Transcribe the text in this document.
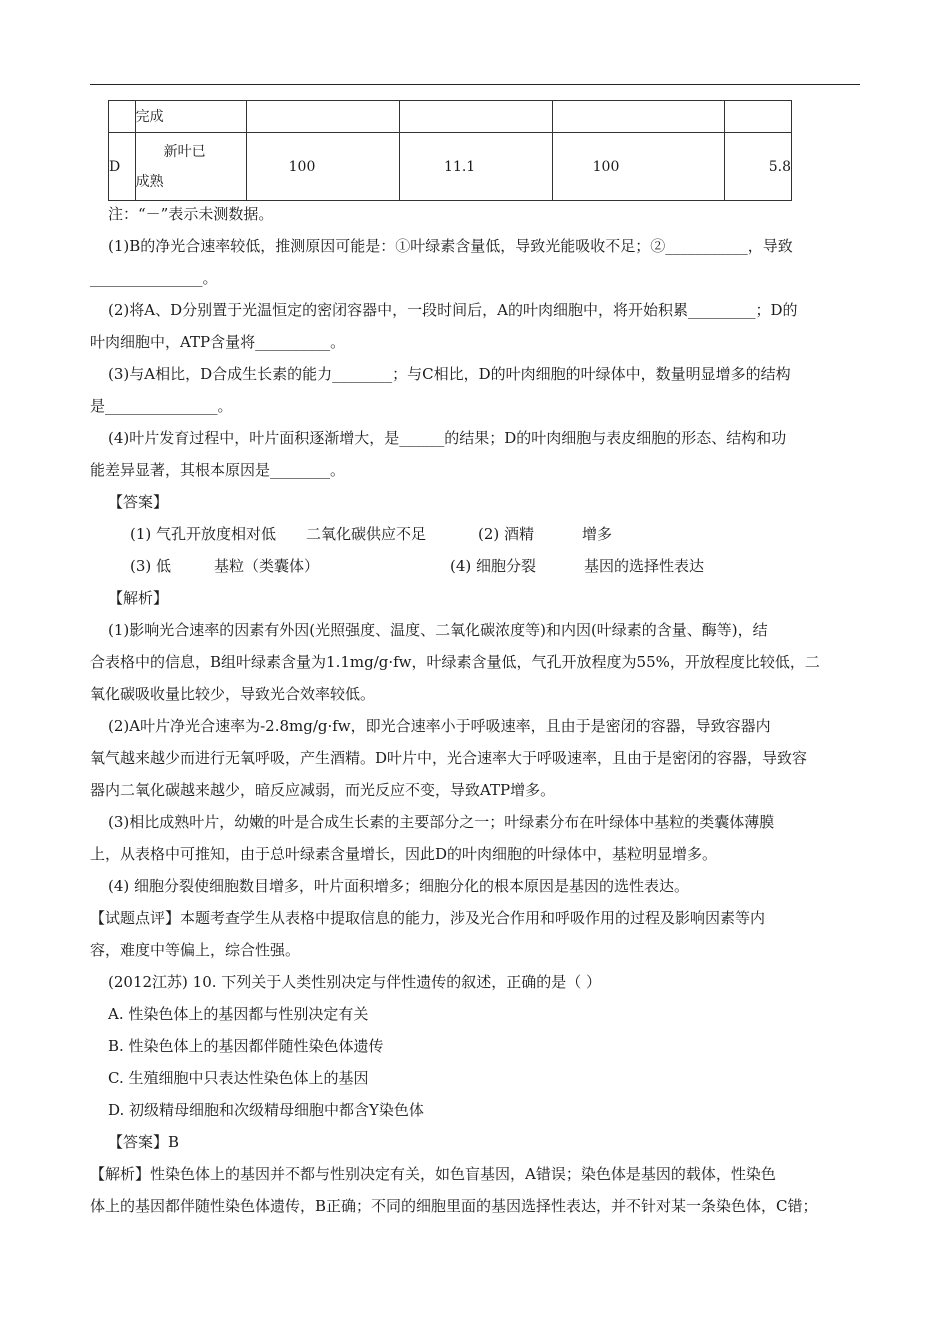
	完成				
D	新叶已成熟	100	11.1	100	5.8

注：“－”表示未测数据。

(1)B的净光合速率较低，推测原因可能是：①叶绿素含量低，导致光能吸收不足；②___________，导致

_______________。

(2)将A、D分别置于光温恒定的密闭容器中，一段时间后，A的叶肉细胞中，将开始积累_________；D的

叶肉细胞中，ATP含量将__________。

(3)与A相比，D合成生长素的能力________；与C相比，D的叶肉细胞的叶绿体中，数量明显增多的结构

是_______________。

(4)叶片发育过程中，叶片面积逐渐增大，是______的结果；D的叶肉细胞与表皮细胞的形态、结构和功

能差异显著，其根本原因是________。

【答案】

(1) 气孔开放度相对低	二氧化碳供应不足	(2) 酒精	增多

(3) 低	基粒（类囊体）	(4) 细胞分裂	基因的选择性表达

【解析】

(1)影响光合速率的因素有外因(光照强度、温度、二氧化碳浓度等)和内因(叶绿素的含量、酶等)，结

合表格中的信息，B组叶绿素含量为1.1mg/g·fw，叶绿素含量低，气孔开放程度为55%，开放程度比较低，二

氧化碳吸收量比较少，导致光合效率较低。

(2)A叶片净光合速率为-2.8mg/g·fw，即光合速率小于呼吸速率，且由于是密闭的容器，导致容器内

氧气越来越少而进行无氧呼吸，产生酒精。D叶片中，光合速率大于呼吸速率，且由于是密闭的容器，导致容

器内二氧化碳越来越少，暗反应减弱，而光反应不变，导致ATP增多。

(3)相比成熟叶片，幼嫩的叶是合成生长素的主要部分之一；叶绿素分布在叶绿体中基粒的类囊体薄膜

上，从表格中可推知，由于总叶绿素含量增长，因此D的叶肉细胞的叶绿体中，基粒明显增多。

(4) 细胞分裂使细胞数目增多，叶片面积增多；细胞分化的根本原因是基因的选性表达。

【试题点评】本题考查学生从表格中提取信息的能力，涉及光合作用和呼吸作用的过程及影响因素等内

容，难度中等偏上，综合性强。

(2012江苏) 10. 下列关于人类性别决定与伴性遗传的叙述，正确的是（ ）

A. 性染色体上的基因都与性别决定有关

B. 性染色体上的基因都伴随性染色体遗传

C. 生殖细胞中只表达性染色体上的基因

D. 初级精母细胞和次级精母细胞中都含Y染色体

【答案】B

【解析】性染色体上的基因并不都与性别决定有关，如色盲基因，A错误；染色体是基因的载体，性染色

体上的基因都伴随性染色体遗传，B正确；不同的细胞里面的基因选择性表达，并不针对某一条染色体，C错；
